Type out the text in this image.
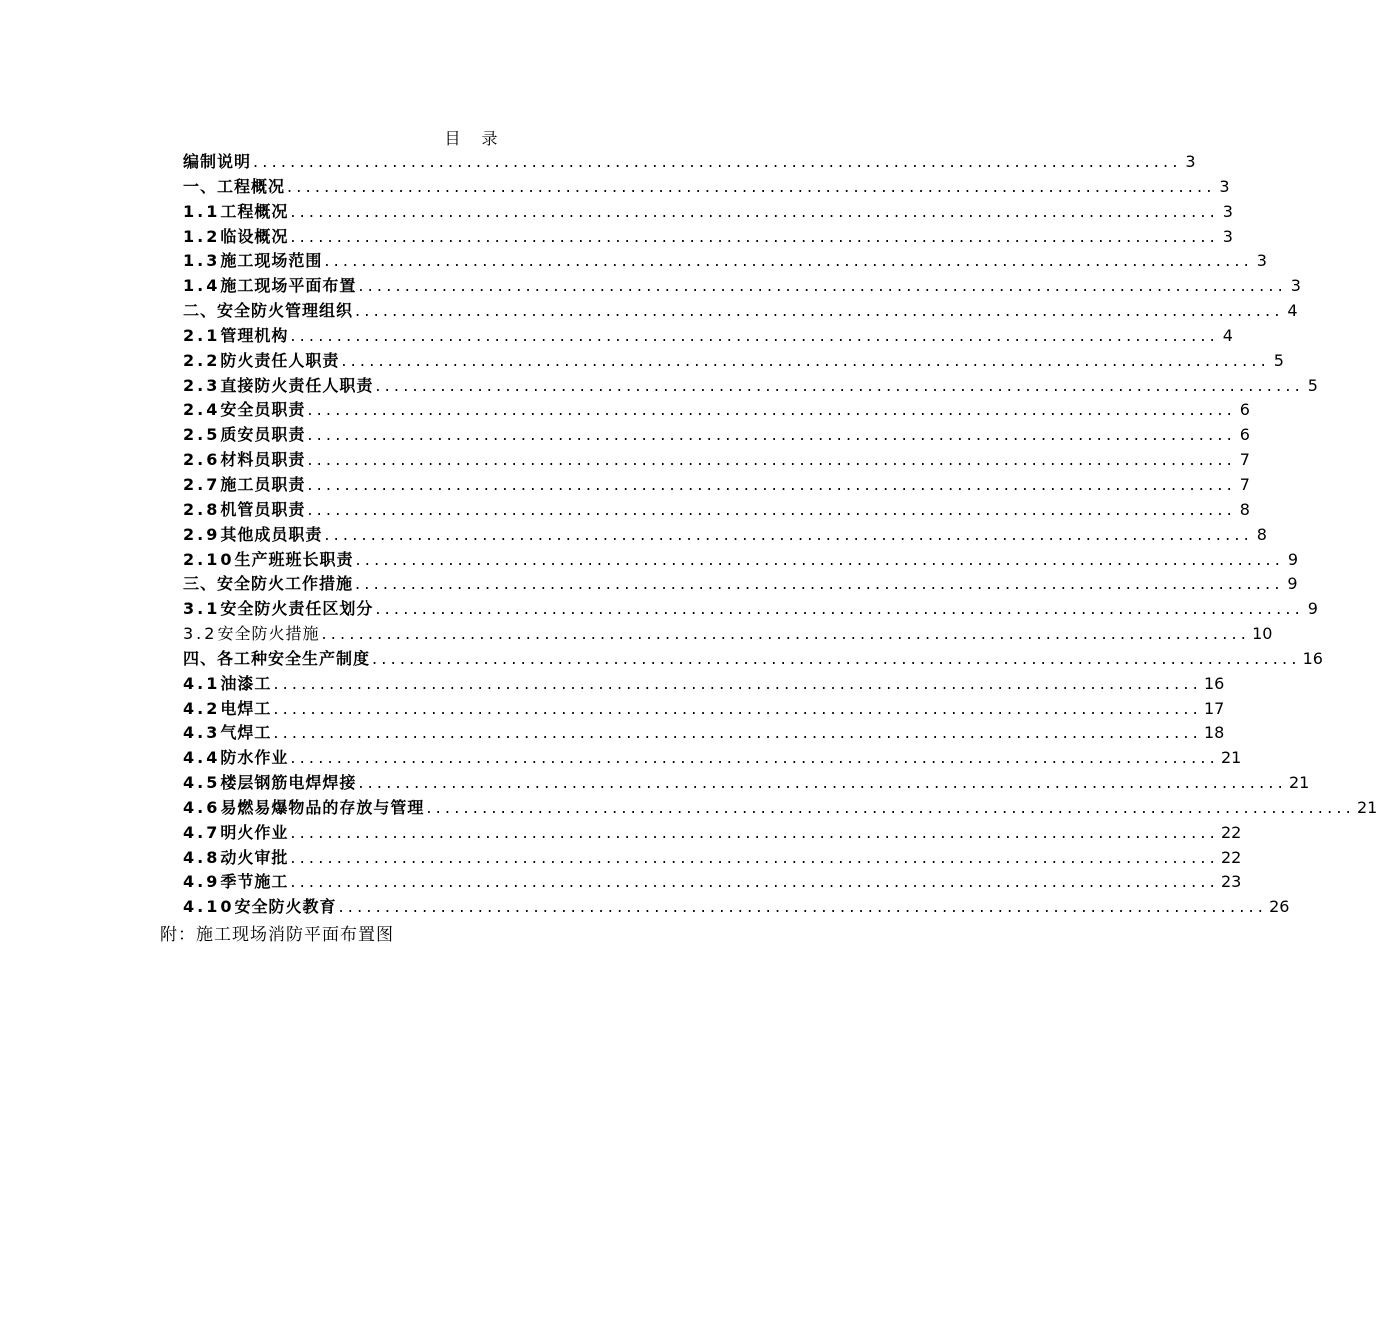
目 录
编制说明 .................................................................................................... 3
一、工程概况 .................................................................................................... 3
1.1 工程概况 .................................................................................................... 3
1.2 临设概况 .................................................................................................... 3
1.3 施工现场范围 .................................................................................................... 3
1.4 施工现场平面布置 .................................................................................................... 3
二、安全防火管理组织 .................................................................................................... 4
2.1 管理机构 .................................................................................................... 4
2.2 防火责任人职责 .................................................................................................... 5
2.3 直接防火责任人职责 .................................................................................................... 5
2.4 安全员职责 .................................................................................................... 6
2.5 质安员职责 .................................................................................................... 6
2.6 材料员职责 .................................................................................................... 7
2.7 施工员职责 .................................................................................................... 7
2.8 机管员职责 .................................................................................................... 8
2.9 其他成员职责 .................................................................................................... 8
2.10 生产班班长职责 .................................................................................................... 9
三、安全防火工作措施 .................................................................................................... 9
3.1 安全防火责任区划分 .................................................................................................... 9
3.2 安全防火措施 .................................................................................................... 10
四、各工种安全生产制度 .................................................................................................... 16
4.1 油漆工 .................................................................................................... 16
4.2 电焊工 .................................................................................................... 17
4.3 气焊工 .................................................................................................... 18
4.4 防水作业 .................................................................................................... 21
4.5 楼层钢筋电焊焊接 .................................................................................................... 21
4.6 易燃易爆物品的存放与管理 .................................................................................................... 21
4.7 明火作业 .................................................................................................... 22
4.8 动火审批 .................................................................................................... 22
4.9 季节施工 .................................................................................................... 23
4.10 安全防火教育 .................................................................................................... 26
附：施工现场消防平面布置图
